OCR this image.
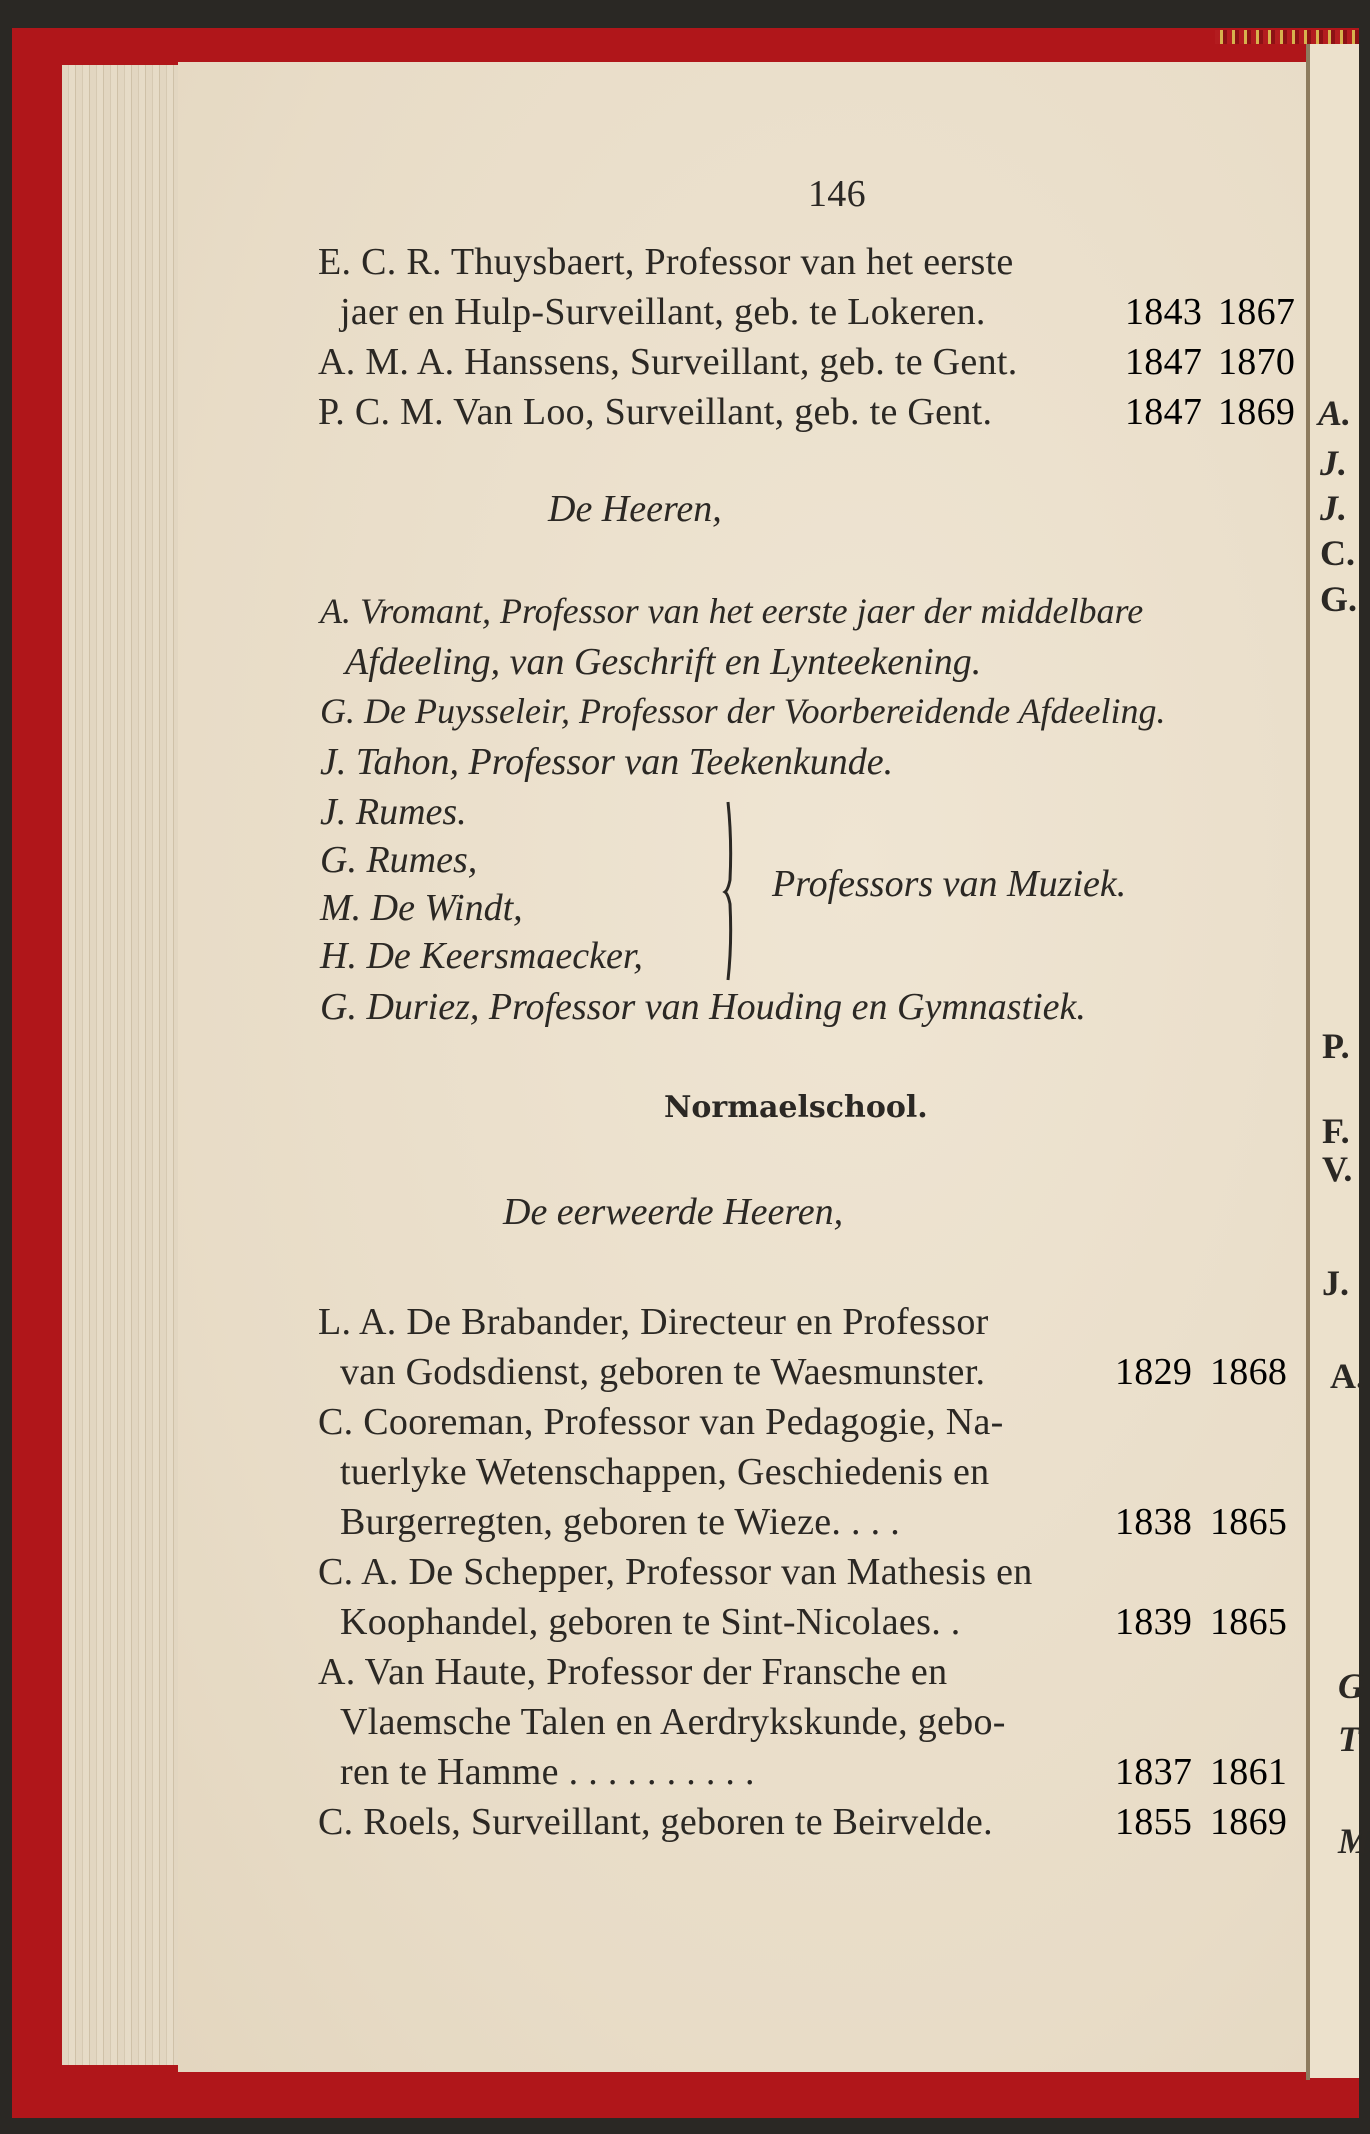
146
E. C. R. Thuysbaert, Professor van het eerste
jaer en Hulp-Surveillant, geb. te Lokeren.	1843 1867
A. M. A. Hanssens, Surveillant, geb. te Gent.	1847 1870
P. C. M. Van Loo, Surveillant, geb. te Gent.	1847 1869
De Heeren,
A. Vromant, Professor van het eerste jaer der middelbare
Afdeeling, van Geschrift en Lynteekening.
G. De Puysseleir, Professor der Voorbereidende Afdeeling.
J. Tahon, Professor van Teekenkunde.
J. Rumes.
G. Rumes,
M. De Windt,
H. De Keersmaecker,
Professors van Muziek.
G. Duriez, Professor van Houding en Gymnastiek.
Normaelschool.
De eerweerde Heeren,
L. A. De Brabander, Directeur en Professor
van Godsdienst, geboren te Waesmunster.	1829 1868
C. Cooreman, Professor van Pedagogie, Na-
tuerlyke Wetenschappen, Geschiedenis en
Burgerregten, geboren te Wieze. . . .	1838 1865
C. A. De Schepper, Professor van Mathesis en
Koophandel, geboren te Sint-Nicolaes. .	1839 1865
A. Van Haute, Professor der Fransche en
Vlaemsche Talen en Aerdrykskunde, gebo-
ren te Hamme . . . . . . . . . .	1837 1861
C. Roels, Surveillant, geboren te Beirvelde.	1855 1869
A.
J.
J.
C.
G.
P.
F.
V.
J.
A.
G
T
M
